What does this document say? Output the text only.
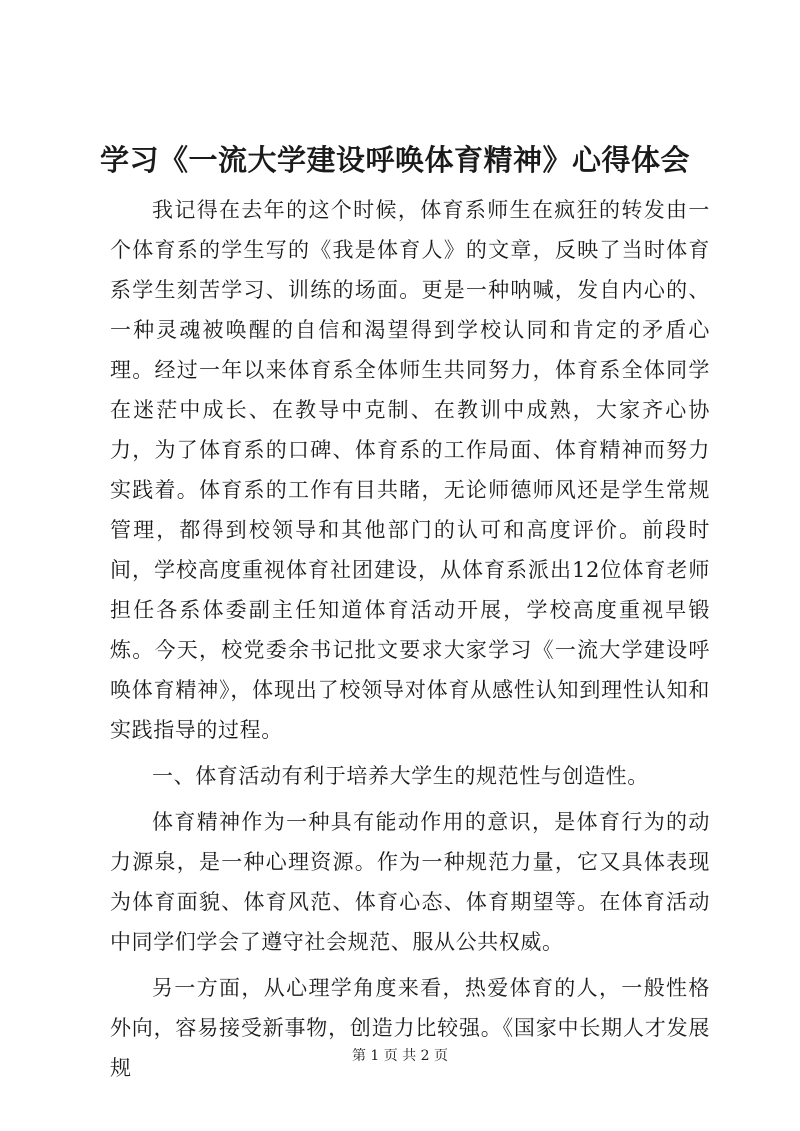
学习《一流大学建设呼唤体育精神》心得体会

我记得在去年的这个时候，体育系师生在疯狂的转发由一个体育系的学生写的《我是体育人》的文章，反映了当时体育系学生刻苦学习、训练的场面。更是一种呐喊，发自内心的、一种灵魂被唤醒的自信和渴望得到学校认同和肯定的矛盾心理。经过一年以来体育系全体师生共同努力，体育系全体同学在迷茫中成长、在教导中克制、在教训中成熟，大家齐心协力，为了体育系的口碑、体育系的工作局面、体育精神而努力实践着。体育系的工作有目共睹，无论师德师风还是学生常规管理，都得到校领导和其他部门的认可和高度评价。前段时间，学校高度重视体育社团建设，从体育系派出12位体育老师担任各系体委副主任知道体育活动开展，学校高度重视早锻炼。今天，校党委余书记批文要求大家学习《一流大学建设呼唤体育精神》，体现出了校领导对体育从感性认知到理性认知和实践指导的过程。

一、体育活动有利于培养大学生的规范性与创造性。

体育精神作为一种具有能动作用的意识，是体育行为的动力源泉，是一种心理资源。作为一种规范力量，它又具体表现为体育面貌、体育风范、体育心态、体育期望等。在体育活动中同学们学会了遵守社会规范、服从公共权威。

另一方面，从心理学角度来看，热爱体育的人，一般性格外向，容易接受新事物，创造力比较强。《国家中长期人才发展规	第 1 页 共 2 页
